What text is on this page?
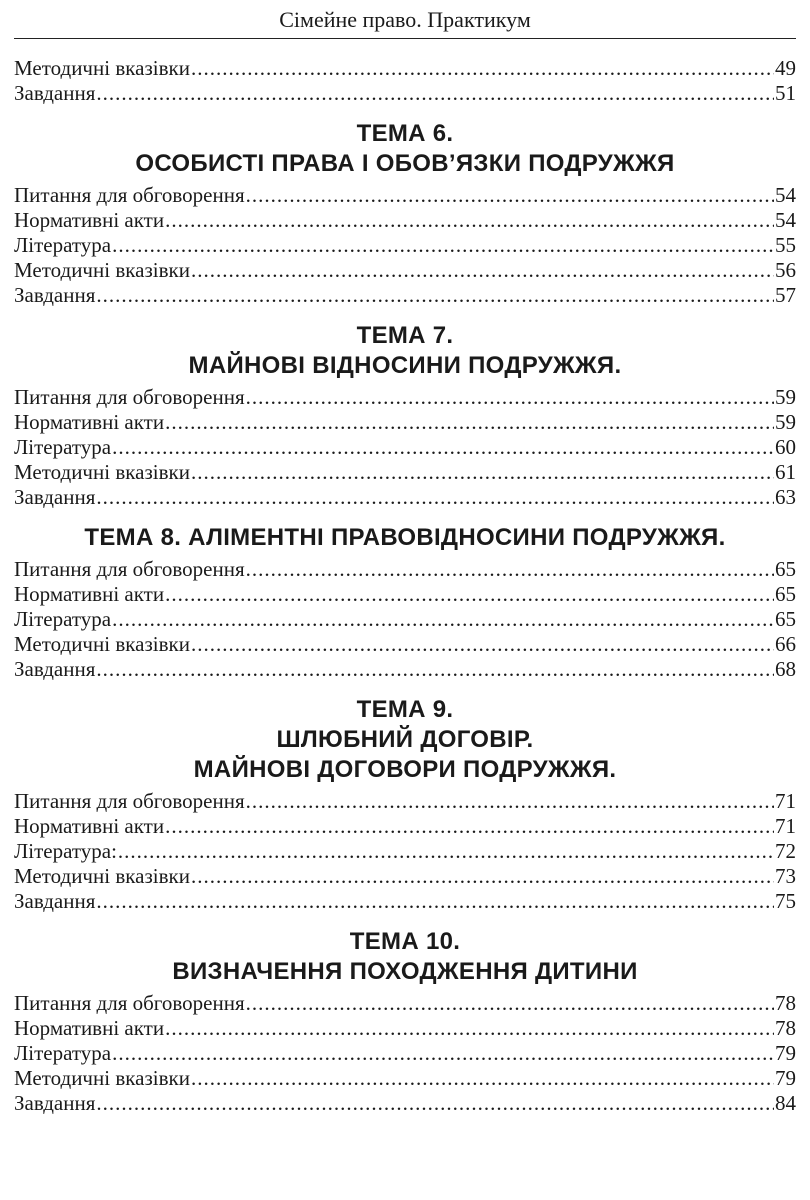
Сімейне право. Практикум
Методичні вказівки .....	49
Завдання .....	51
ТЕМА 6.
ОСОБИСТІ ПРАВА І ОБОВ’ЯЗКИ ПОДРУЖЖЯ
Питання для обговорення .....	54
Нормативні акти .....	54
Література .....	55
Методичні вказівки .....	56
Завдання .....	57
ТЕМА 7.
МАЙНОВІ ВІДНОСИНИ ПОДРУЖЖЯ.
Питання для обговорення .....	59
Нормативні акти .....	59
Література .....	60
Методичні вказівки .....	61
Завдання .....	63
ТЕМА 8. АЛІМЕНТНІ ПРАВОВІДНОСИНИ ПОДРУЖЖЯ.
Питання для обговорення .....	65
Нормативні акти .....	65
Література .....	65
Методичні вказівки .....	66
Завдання .....	68
ТЕМА 9.
ШЛЮБНИЙ ДОГОВІР.
МАЙНОВІ ДОГОВОРИ ПОДРУЖЖЯ.
Питання для обговорення .....	71
Нормативні акти .....	71
Література: .....	72
Методичні вказівки .....	73
Завдання .....	75
ТЕМА 10.
ВИЗНАЧЕННЯ ПОХОДЖЕННЯ ДИТИНИ
Питання для обговорення .....	78
Нормативні акти .....	78
Література .....	79
Методичні вказівки .....	79
Завдання .....	84
